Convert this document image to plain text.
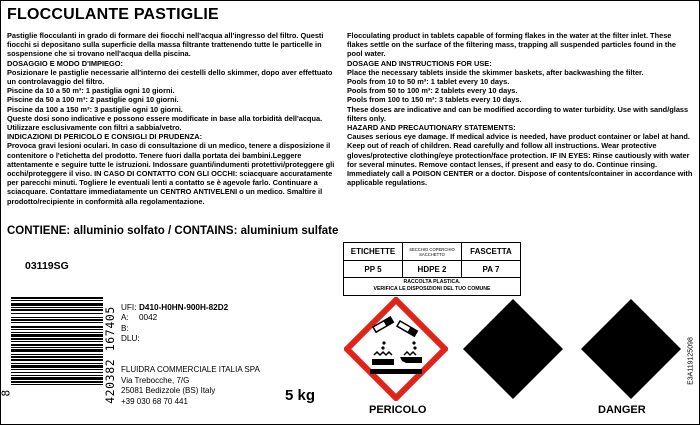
FLOCCULANTE PASTIGLIE

Pastiglie flocculanti in grado di formare dei fiocchi nell'acqua all'ingresso del filtro. Questi fiocchi si depositano sulla superficie della massa filtrante trattenendo tutte le particelle in sospensione che si trovano nell'acqua della piscina.

DOSAGGIO E MODO D'IMPIEGO:

Posizionare le pastiglie necessarie all'interno dei cestelli dello skimmer, dopo aver effettuato un controlavaggio del filtro.

Piscine da 10 a 50 m³: 1 pastiglia ogni 10 giorni.

Piscine da 50 a 100 m³: 2 pastiglie ogni 10 giorni.

Piscine da 100 a 150 m³: 3 pastiglie ogni 10 giorni.

Queste dosi sono indicative e possono essere modificate in base alla torbidità dell'acqua. Utilizzare esclusivamente con filtri a sabbia/vetro.

INDICAZIONI DI PERICOLO E CONSIGLI DI PRUDENZA:

Provoca gravi lesioni oculari. In caso di consultazione di un medico, tenere a disposizione il contenitore o l'etichetta del prodotto. Tenere fuori dalla portata dei bambini.Leggere attentamente e seguire tutte le istruzioni. Indossare guanti/indumenti protettivi/proteggere gli occhi/proteggere il viso. IN CASO DI CONTATTO CON GLI OCCHI: sciacquare accuratamente per parecchi minuti. Togliere le eventuali lenti a contatto se è agevole farlo. Continuare a sciacquare. Contattare immediatamente un CENTRO ANTIVELENI o un medico. Smaltire il prodotto/recipiente in conformità alla regolamentazione.

Flocculating product in tablets capable of forming flakes in the water at the filter inlet. These flakes settle on the surface of the filtering mass, trapping all suspended particles found in the pool water.

DOSAGE AND INSTRUCTIONS FOR USE:

Place the necessary tablets inside the skimmer baskets, after backwashing the filter.

Pools from 10 to 50 m³: 1 tablet every 10 days.

Pools from 50 to 100 m³: 2 tablets every 10 days.

Pools from 100 to 150 m³: 3 tablets every 10 days.

These doses are indicative and can be modified according to water turbidity. Use with sand/glass filters only.

HAZARD AND PRECAUTIONARY STATEMENTS:

Causes serious eye damage. If medical advice is needed, have product container or label at hand. Keep out of reach of children. Read carefully and follow all instructions. Wear protective gloves/protective clothing/eye protection/face protection. IF IN EYES: Rinse cautiously with water for several minutes. Remove contact lenses, if present and easy to do. Continue rinsing. Immediately call a POISON CENTER or a doctor. Dispose of contents/container in accordance with applicable regulations.

CONTIENE: alluminio solfato / CONTAINS: aluminium sulfate
03119SG
ETICHETTE	SECCHIO COPERCHIO SACCHETTO	FASCETTA
PP 5	HDPE 2	PA 7
RACCOLTA PLASTICA.
VERIFICA LE DISPOSIZIONI DEL TUO COMUNE
420382 167405
8
UFI: D410-H0HN-900H-82D2
A:	0042
B:
DLU:
FLUIDRA COMMERCIALE ITALIA SPA
Via Trebocche, 7/G
25081 Bedizzole (BS) Italy
+39 030 68 70 441	5 kg
PERICOLO	DANGER
E3A119125098
